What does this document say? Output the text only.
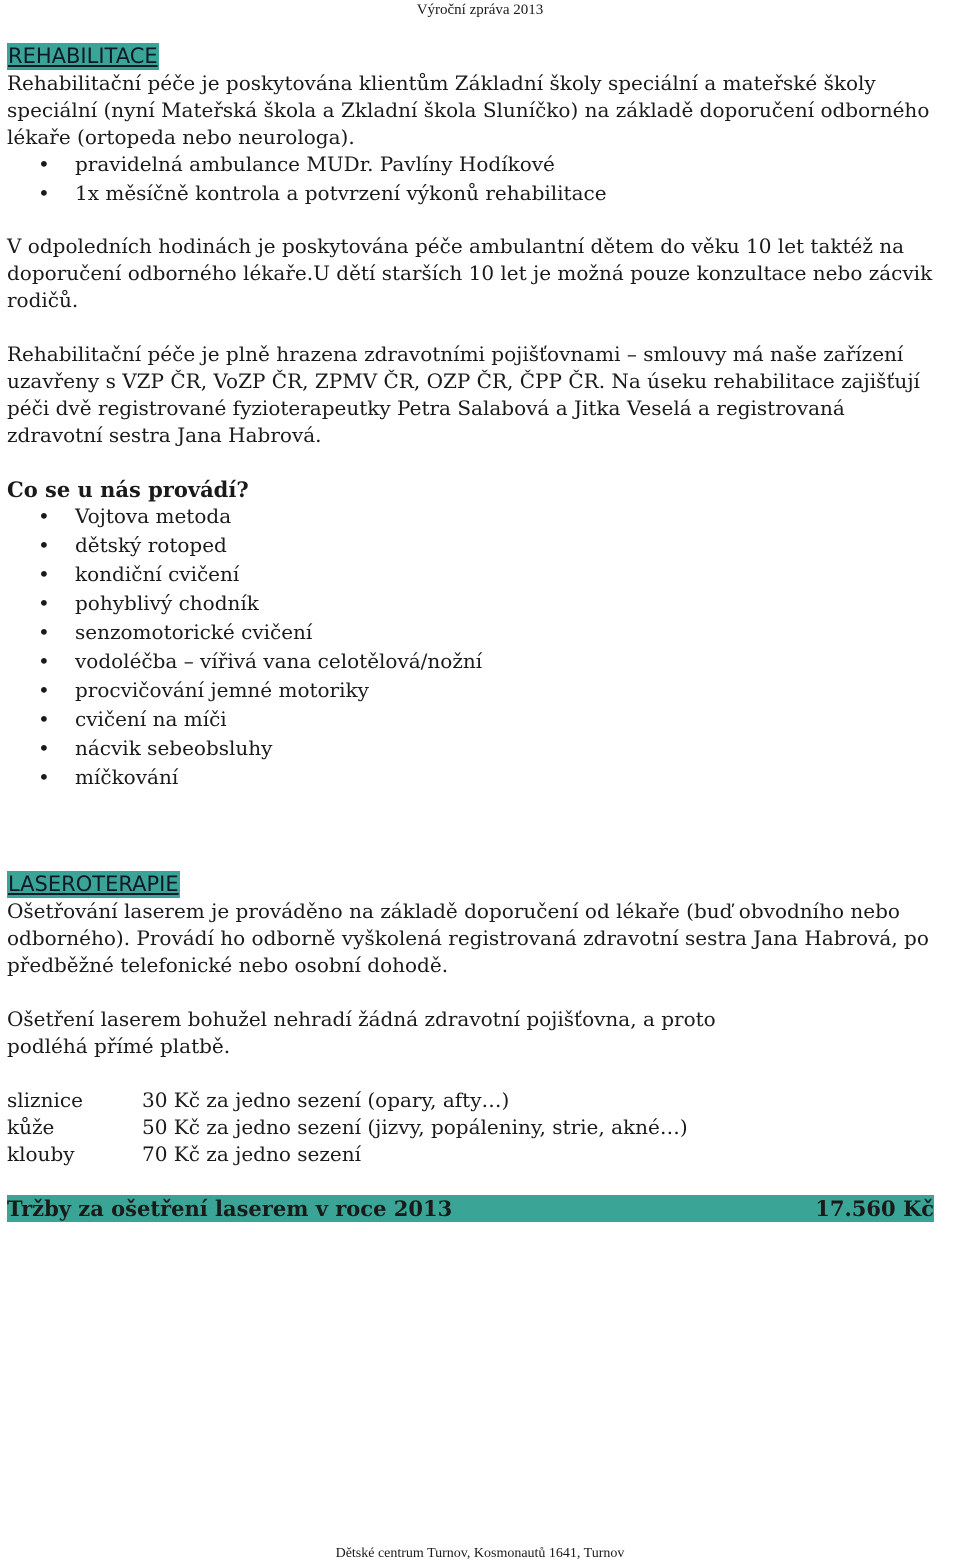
Výroční zpráva 2013
REHABILITACE

Rehabilitační péče je poskytována klientům Základní školy speciální a mateřské školy

speciální (nyní Mateřská škola a Zkladní škola Sluníčko) na základě doporučení odborného

lékaře (ortopeda nebo neurologa).

• pravidelná ambulance MUDr. Pavlíny Hodíkové
• 1x měsíčně kontrola a potvrzení výkonů rehabilitace

V odpoledních hodinách je poskytována péče ambulantní dětem do věku 10 let taktéž na

doporučení odborného lékaře.U dětí starších 10 let je možná pouze konzultace nebo zácvik

rodičů.

Rehabilitační péče je plně hrazena zdravotními pojišťovnami – smlouvy má naše zařízení

uzavřeny s VZP ČR, VoZP ČR, ZPMV ČR, OZP ČR, ČPP ČR. Na úseku rehabilitace zajišťují

péči dvě registrované fyzioterapeutky Petra Salabová a Jitka Veselá a registrovaná

zdravotní sestra Jana Habrová.

Co se u nás provádí?

• Vojtova metoda
• dětský rotoped
• kondiční cvičení
• pohyblivý chodník
• senzomotorické cvičení
• vodoléčba – vířivá vana celotělová/nožní
• procvičování jemné motoriky
• cvičení na míči
• nácvik sebeobsluhy
• míčkování
LASEROTERAPIE

Ošetřování laserem je prováděno na základě doporučení od lékaře (buď obvodního nebo

odborného). Provádí ho odborně vyškolená registrovaná zdravotní sestra Jana Habrová, po

předběžné telefonické nebo osobní dohodě.

Ošetření laserem bohužel nehradí žádná zdravotní pojišťovna, a proto

podléhá přímé platbě.

sliznice	30 Kč za jedno sezení (opary, afty…)
kůže	50 Kč za jedno sezení (jizvy, popáleniny, strie, akné…)
klouby	70 Kč za jedno sezení
Tržby za ošetření laserem v roce 2013	17.560 Kč
Dětské centrum Turnov, Kosmonautů 1641, Turnov
